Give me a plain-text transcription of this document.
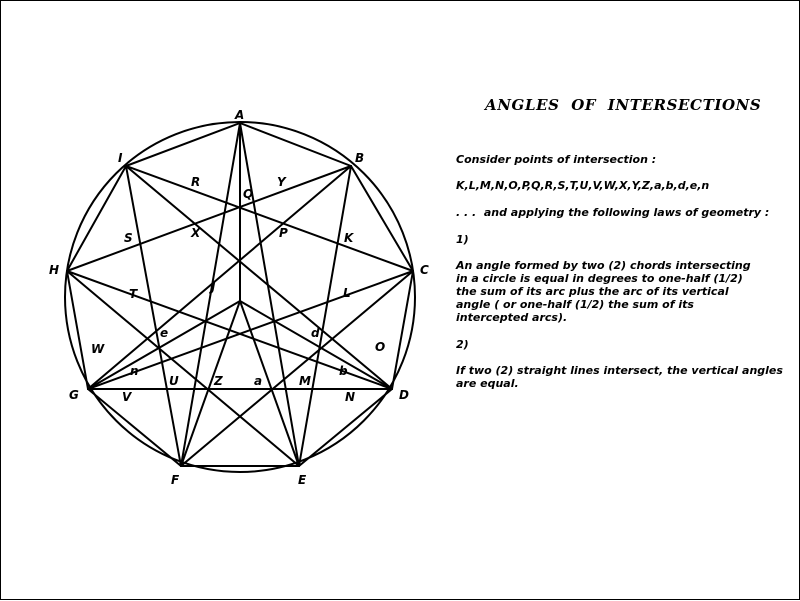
A
B
C
D
E
F
G
H
I
J
K
L
M
N
O
P
Q
R
S
T
U
V
W
X
Y
Z	a
b
d
e
n
ANGLES  OF  INTERSECTIONS

Consider points of intersection :

K,L,M,N,O,P,Q,R,S,T,U,V,W,X,Y,Z,a,b,d,e,n

. . .  and applying the following laws of geometry :

1)

An angle formed by two (2) chords intersecting

in a circle is equal in degrees to one-half (1/2)

the sum of its arc plus the arc of its vertical

angle ( or one-half (1/2) the sum of its

intercepted arcs).

2)

If two (2) straight lines intersect, the vertical angles

are equal.
